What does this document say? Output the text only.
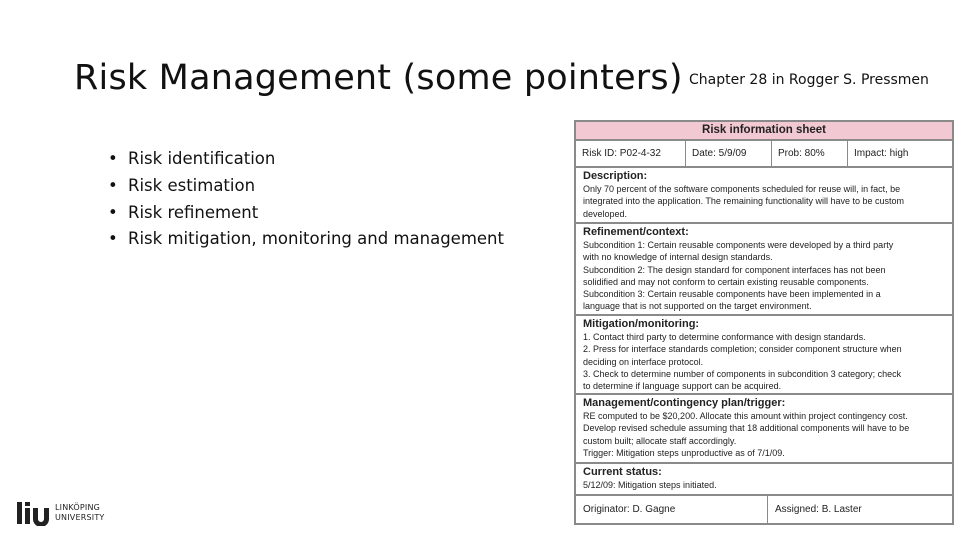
Risk Management (some pointers) Chapter 28 in Rogger S. Pressmen
• Risk identification
• Risk estimation
• Risk refinement
• Risk mitigation, monitoring and management
LINKÖPING
UNIVERSITY
Risk information sheet
Risk ID: P02-4-32	Date: 5/9/09	Prob: 80%	Impact: high
Description:

Only 70 percent of the software components scheduled for reuse will, in fact, be

integrated into the application. The remaining functionality will have to be custom

developed.

Refinement/context:

Subcondition 1: Certain reusable components were developed by a third party

with no knowledge of internal design standards.

Subcondition 2: The design standard for component interfaces has not been

solidified and may not conform to certain existing reusable components.

Subcondition 3: Certain reusable components have been implemented in a

language that is not supported on the target environment.

Mitigation/monitoring:

1. Contact third party to determine conformance with design standards.

2. Press for interface standards completion; consider component structure when

deciding on interface protocol.

3. Check to determine number of components in subcondition 3 category; check

to determine if language support can be acquired.

Management/contingency plan/trigger:

RE computed to be $20,200. Allocate this amount within project contingency cost.

Develop revised schedule assuming that 18 additional components will have to be

custom built; allocate staff accordingly.

Trigger: Mitigation steps unproductive as of 7/1/09.

Current status:

5/12/09: Mitigation steps initiated.

Originator: D. Gagne	Assigned: B. Laster
